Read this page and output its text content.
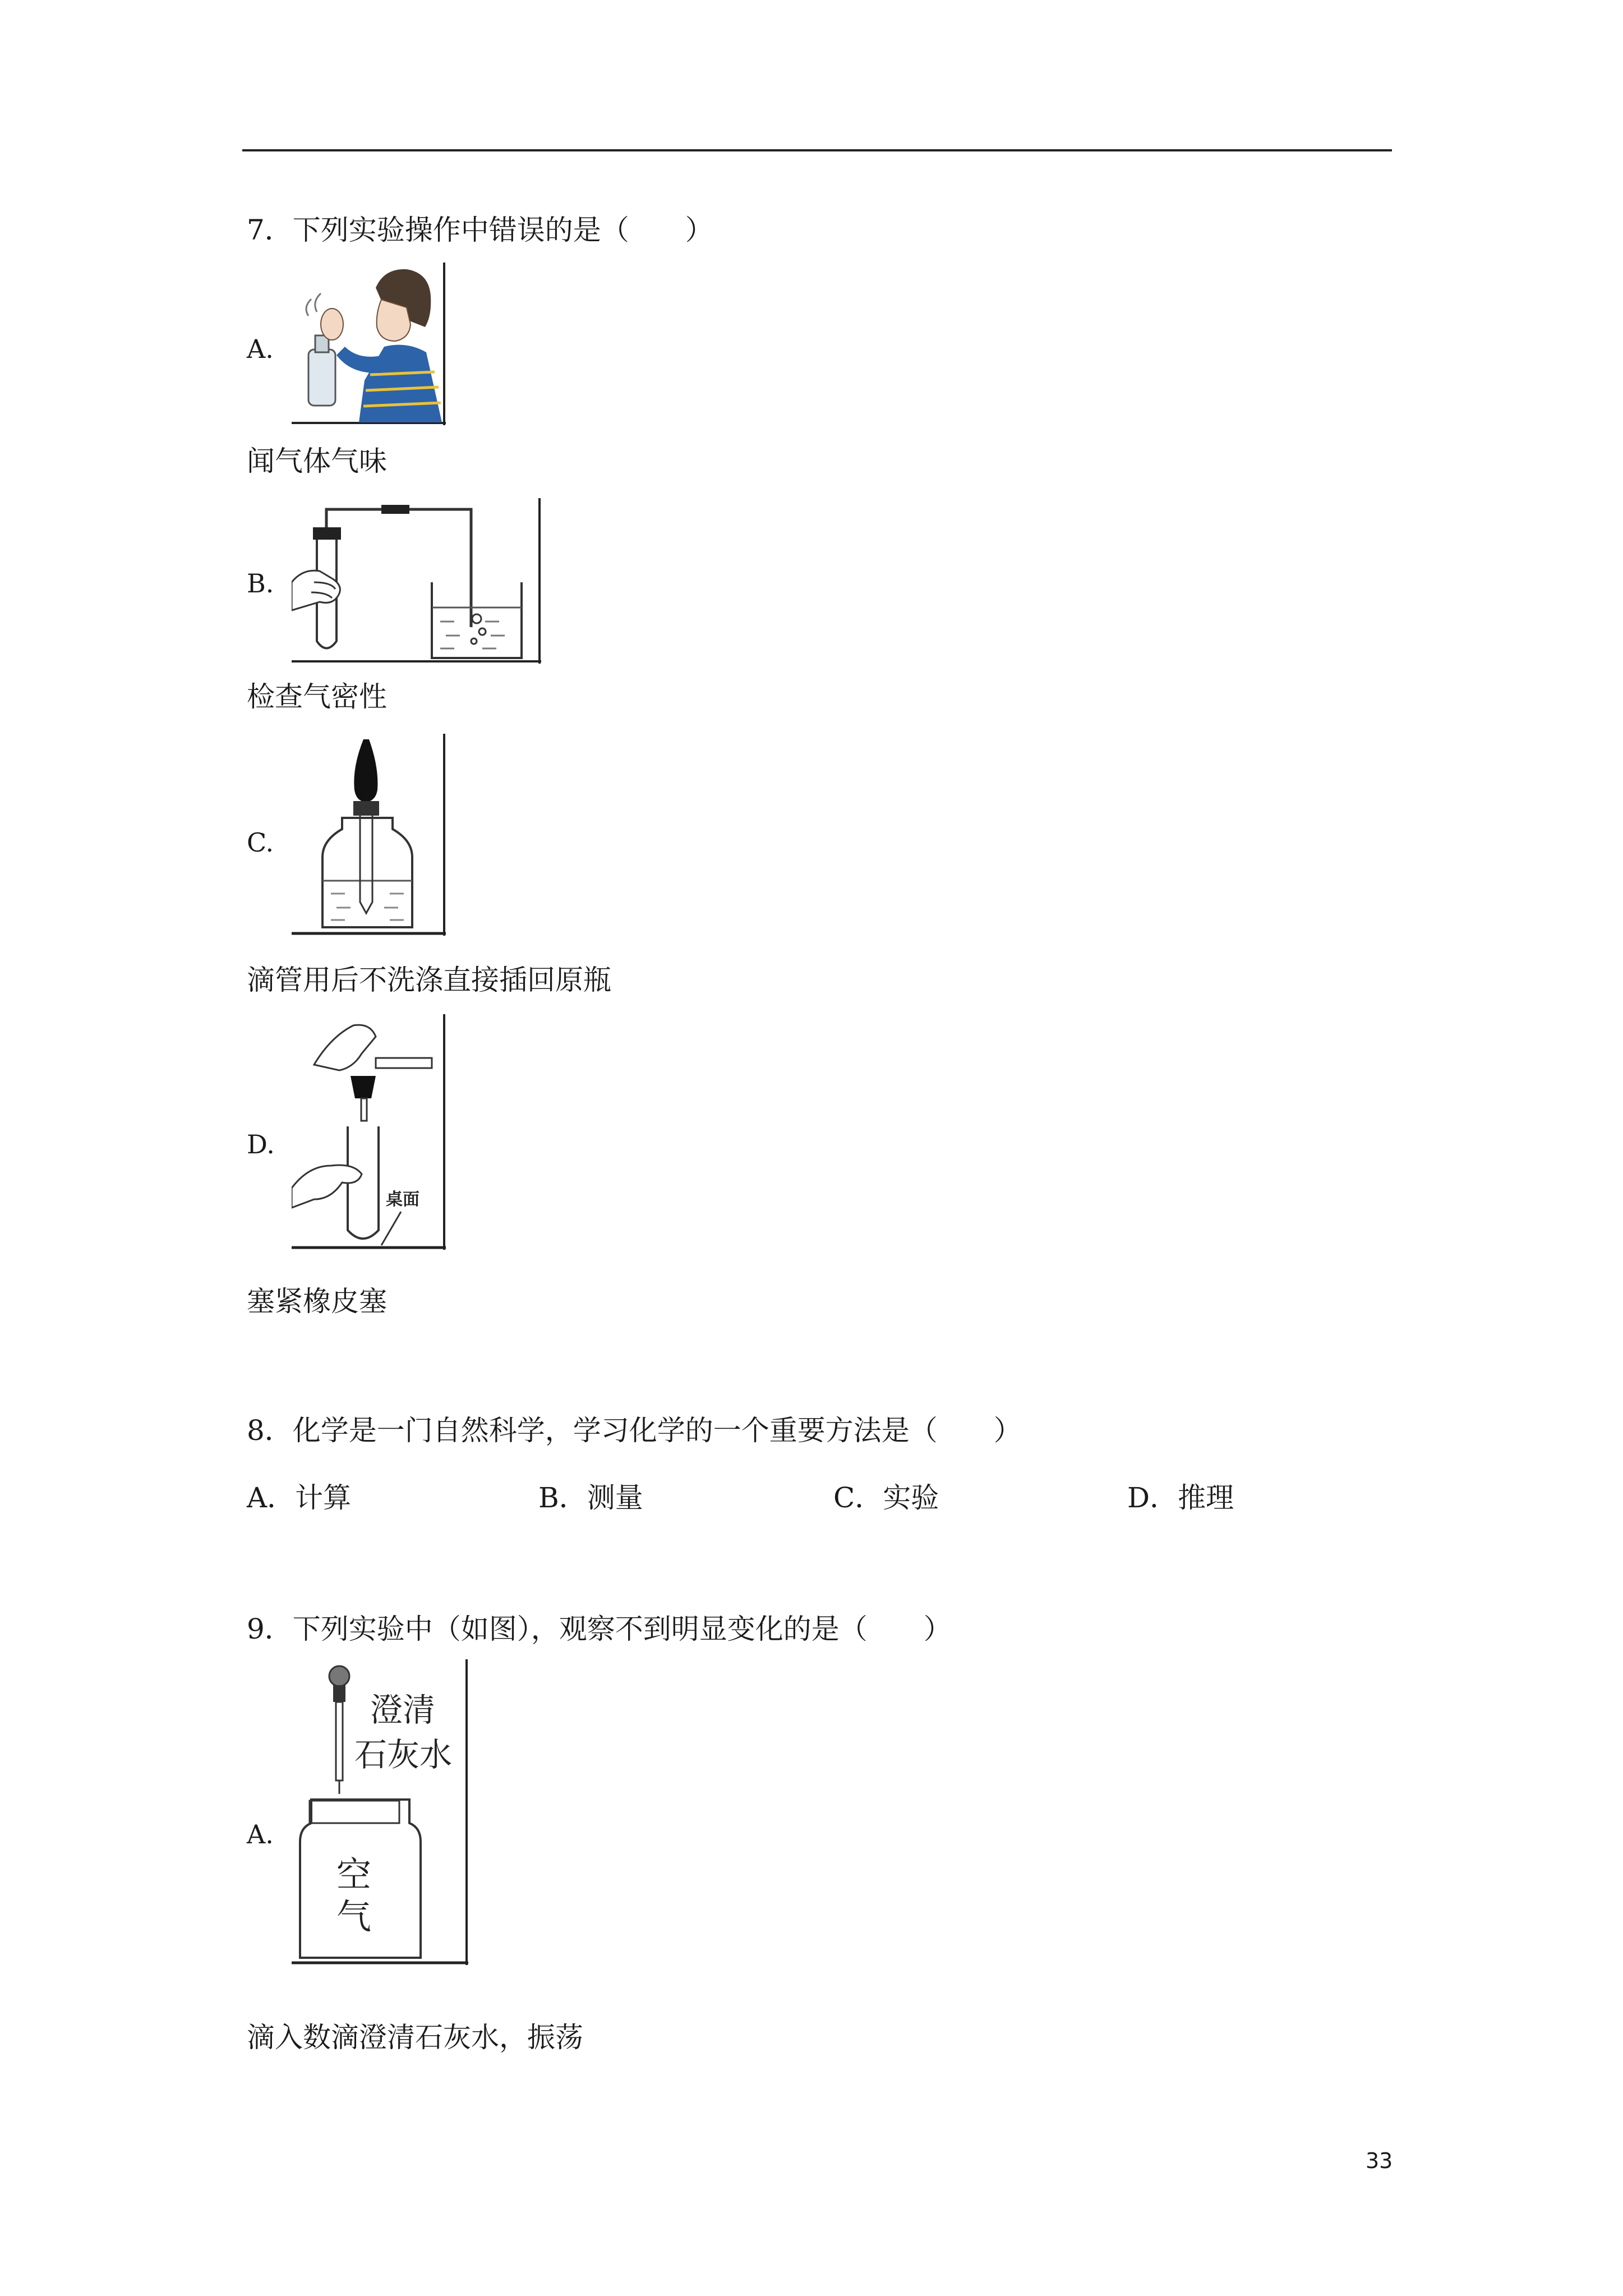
7．下列实验操作中错误的是（　　）
A.
闻气体气味
B.
检查气密性
C.
滴管用后不洗涤直接插回原瓶
D.
桌面
塞紧橡皮塞
8．化学是一门自然科学，学习化学的一个重要方法是（　　）
A．计算	B．测量	C．实验	D．推理
9．下列实验中（如图），观察不到明显变化的是（　　）
A.
澄清
石灰水
空
气
滴入数滴澄清石灰水，振荡
33
